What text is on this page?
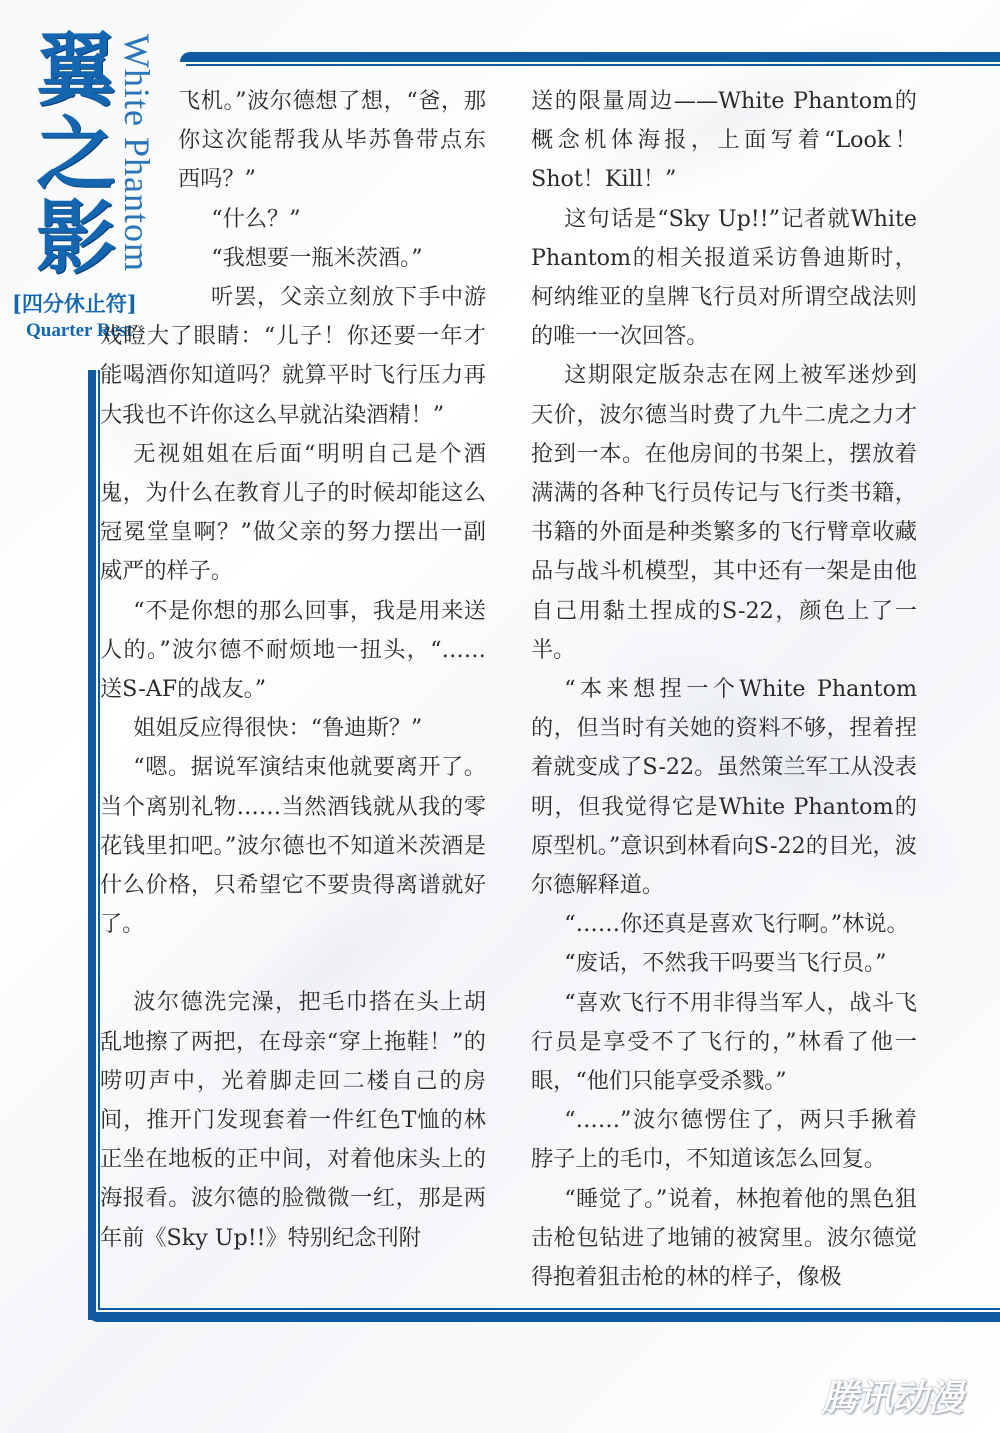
翼之影 White Phantom
[四分休止符]
Quarter Rest

飞机。”波尔德想了想，“爸，那你这次能帮我从毕苏鲁带点东西吗？”

“什么？”

“我想要一瓶米茨酒。”

听罢，父亲立刻放下手中游戏瞪大了眼睛：“儿子！你还要一年才能喝酒你知道吗？就算平时飞行压力再大我也不许你这么早就沾染酒精！”

无视姐姐在后面“明明自己是个酒鬼，为什么在教育儿子的时候却能这么冠冕堂皇啊？”做父亲的努力摆出一副威严的样子。

“不是你想的那么回事，我是用来送人的。”波尔德不耐烦地一扭头，“……送S-AF的战友。”

姐姐反应得很快：“鲁迪斯？”

“嗯。据说军演结束他就要离开了。当个离别礼物……当然酒钱就从我的零花钱里扣吧。”波尔德也不知道米茨酒是什么价格，只希望它不要贵得离谱就好了。

波尔德洗完澡，把毛巾搭在头上胡乱地擦了两把，在母亲“穿上拖鞋！”的唠叨声中，光着脚走回二楼自己的房间，推开门发现套着一件红色T恤的林正坐在地板的正中间，对着他床头上的海报看。波尔德的脸微微一红，那是两年前《Sky Up!!》特别纪念刊附

送的限量周边——White Phantom的概念机体海报，上面写着“Look！Shot！Kill！”

这句话是“Sky Up!!”记者就White Phantom的相关报道采访鲁迪斯时，柯纳维亚的皇牌飞行员对所谓空战法则的唯一一次回答。

这期限定版杂志在网上被军迷炒到天价，波尔德当时费了九牛二虎之力才抢到一本。在他房间的书架上，摆放着满满的各种飞行员传记与飞行类书籍，书籍的外面是种类繁多的飞行臂章收藏品与战斗机模型，其中还有一架是由他自己用黏土捏成的S-22，颜色上了一半。

“本来想捏一个White Phantom的，但当时有关她的资料不够，捏着捏着就变成了S-22。虽然策兰军工从没表明，但我觉得它是White Phantom的原型机。”意识到林看向S-22的目光，波尔德解释道。

“……你还真是喜欢飞行啊。”林说。

“废话，不然我干吗要当飞行员。”

“喜欢飞行不用非得当军人，战斗飞行员是享受不了飞行的，”林看了他一眼，“他们只能享受杀戮。”

“……”波尔德愣住了，两只手揪着脖子上的毛巾，不知道该怎么回复。

“睡觉了。”说着，林抱着他的黑色狙击枪包钻进了地铺的被窝里。波尔德觉得抱着狙击枪的林的样子，像极

腾讯动漫
